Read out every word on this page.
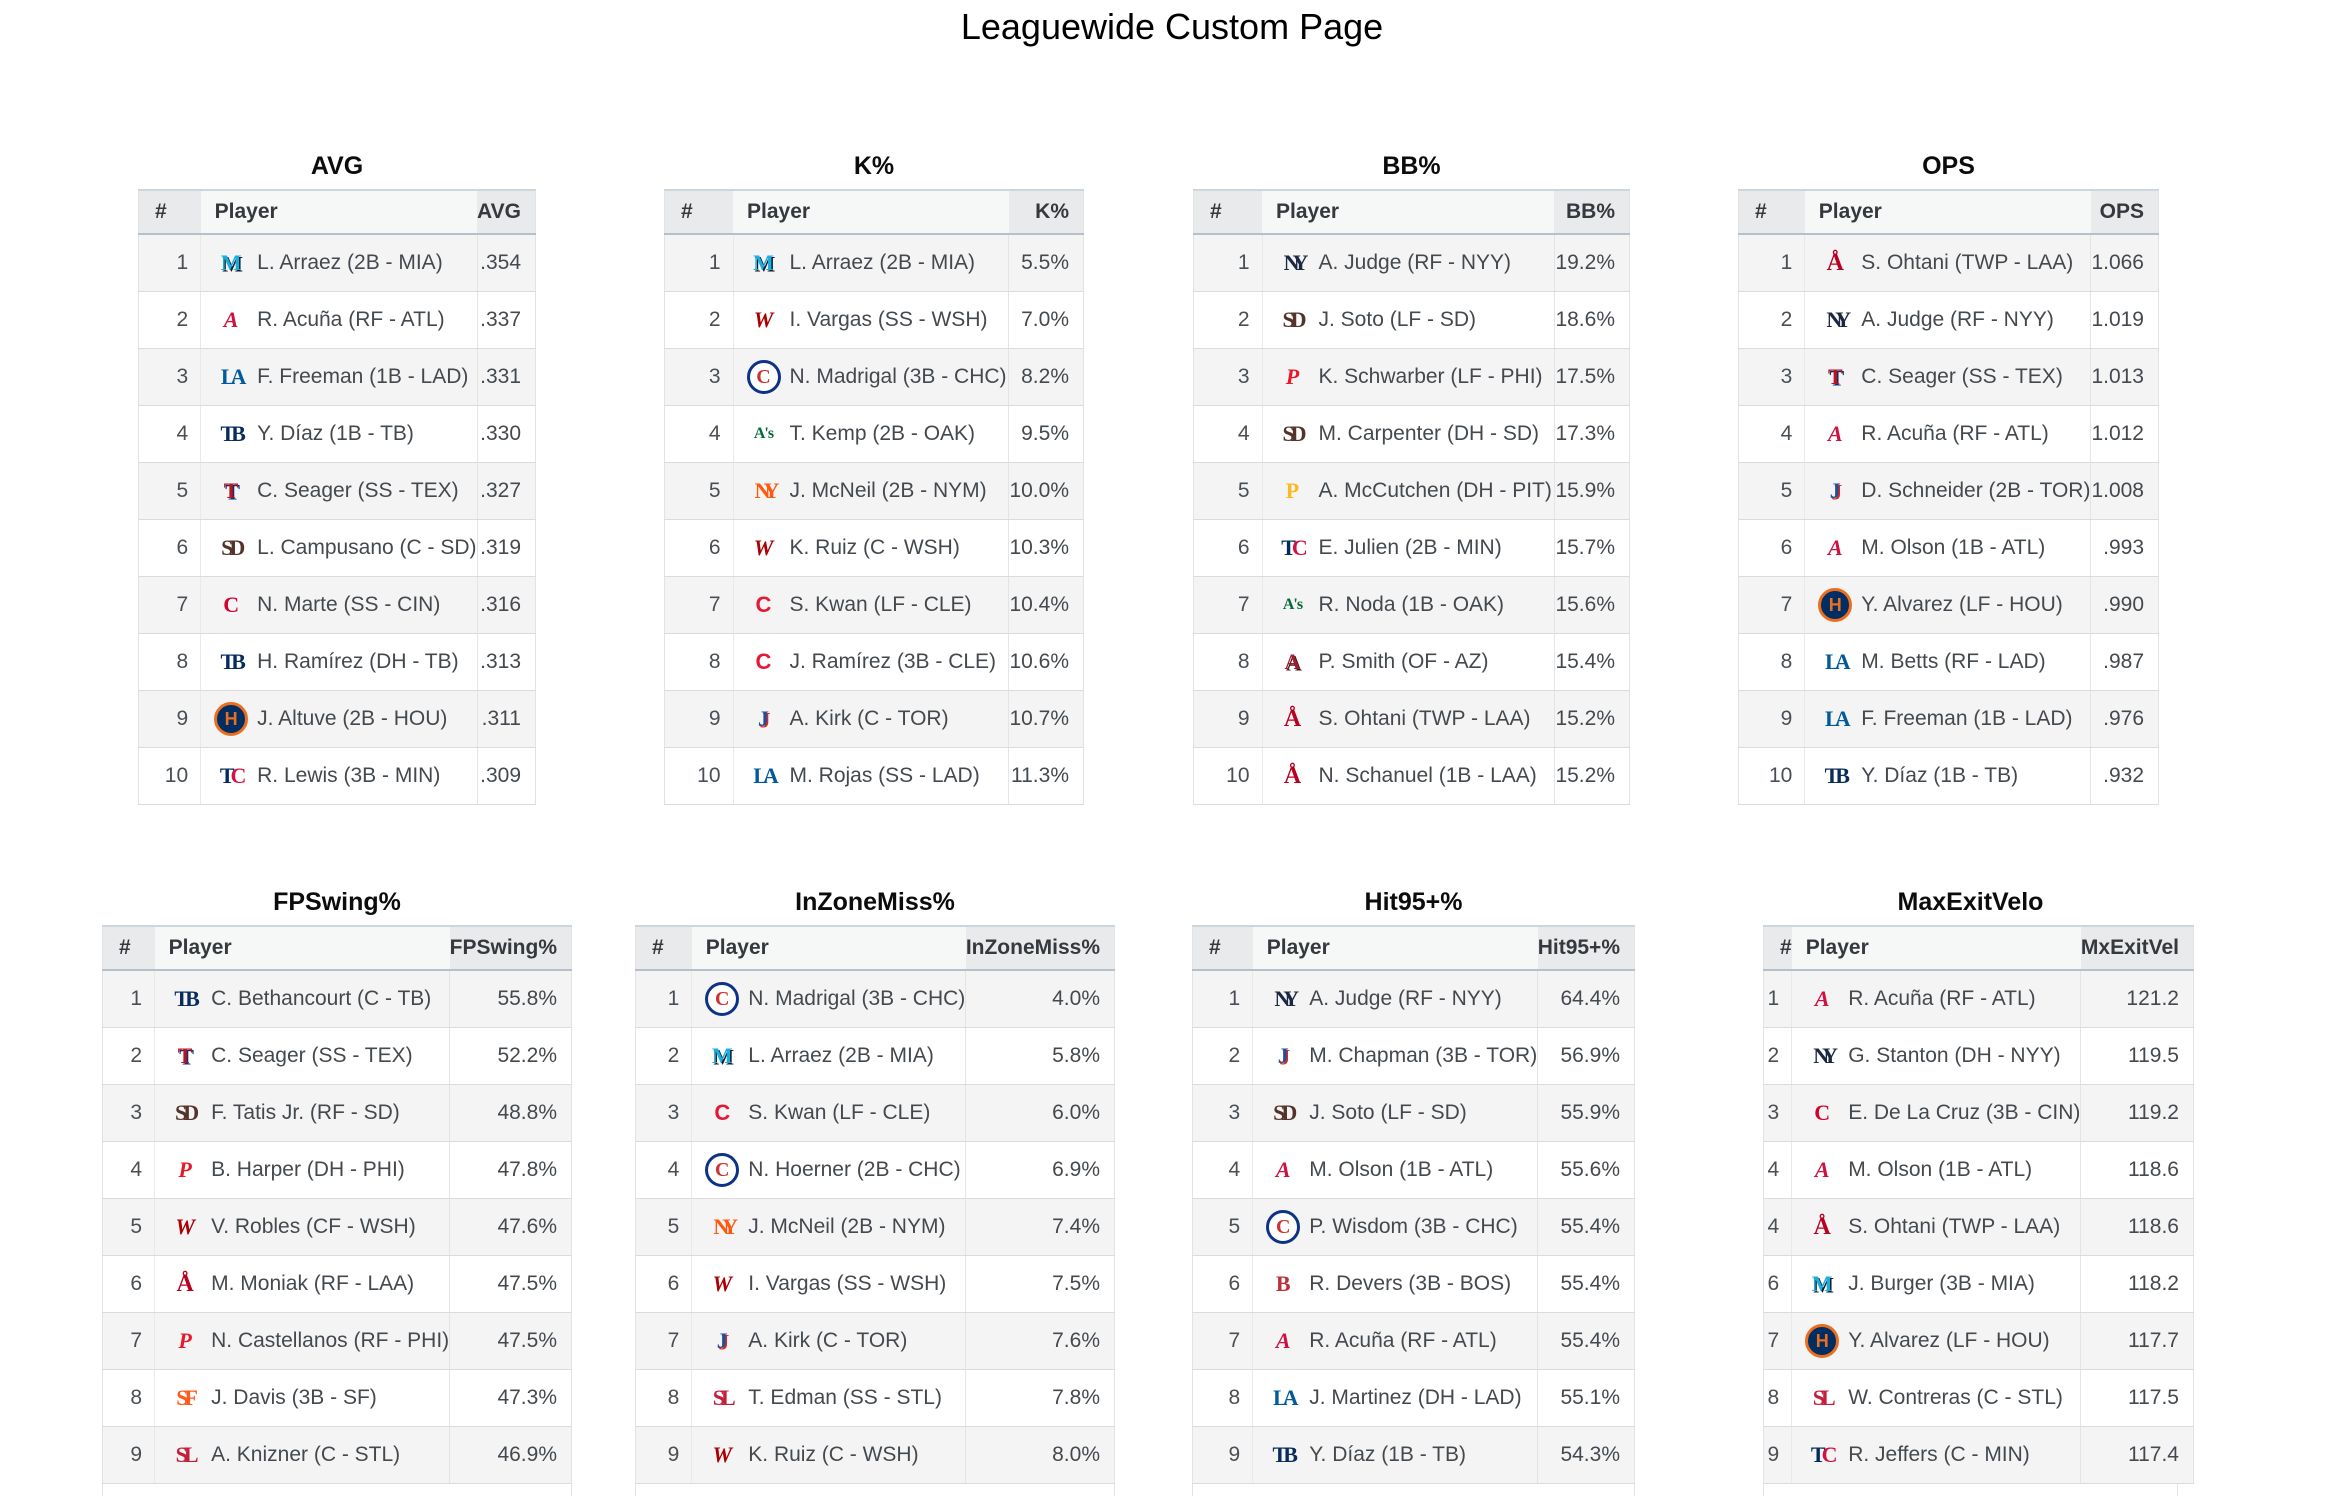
Leaguewide Custom Page
AVG
#	Player	AVG
1	M L. Arraez (2B - MIA)	.354
2	A R. Acuña (RF - ATL)	.337
3	LA F. Freeman (1B - LAD)	.331
4	TB Y. Díaz (1B - TB)	.330
5	T C. Seager (SS - TEX)	.327
6	SD L. Campusano (C - SD)	.319
7	C N. Marte (SS - CIN)	.316
8	TB H. Ramírez (DH - TB)	.313
9	H J. Altuve (2B - HOU)	.311
10	T C R. Lewis (3B - MIN)	.309
K%
#	Player	K%
1	M L. Arraez (2B - MIA)	5.5%
2	W I. Vargas (SS - WSH)	7.0%
3	C N. Madrigal (3B - CHC)	8.2%
4	A's T. Kemp (2B - OAK)	9.5%
5	NY J. McNeil (2B - NYM)	10.0%
6	W K. Ruiz (C - WSH)	10.3%
7	C S. Kwan (LF - CLE)	10.4%
8	C J. Ramírez (3B - CLE)	10.6%
9	J A. Kirk (C - TOR)	10.7%
10	LA M. Rojas (SS - LAD)	11.3%
BB%
#	Player	BB%
1	NY A. Judge (RF - NYY)	19.2%
2	SD J. Soto (LF - SD)	18.6%
3	P K. Schwarber (LF - PHI)	17.5%
4	SD M. Carpenter (DH - SD)	17.3%
5	P A. McCutchen (DH - PIT)	15.9%
6	T C E. Julien (2B - MIN)	15.7%
7	A's R. Noda (1B - OAK)	15.6%
8	A P. Smith (OF - AZ)	15.4%
9	Å S. Ohtani (TWP - LAA)	15.2%
10	Å N. Schanuel (1B - LAA)	15.2%
OPS
#	Player	OPS
1	Å S. Ohtani (TWP - LAA)	1.066
2	NY A. Judge (RF - NYY)	1.019
3	T C. Seager (SS - TEX)	1.013
4	A R. Acuña (RF - ATL)	1.012
5	J D. Schneider (2B - TOR)	1.008
6	A M. Olson (1B - ATL)	.993
7	H Y. Alvarez (LF - HOU)	.990
8	LA M. Betts (RF - LAD)	.987
9	LA F. Freeman (1B - LAD)	.976
10	TB Y. Díaz (1B - TB)	.932
FPSwing%
#	Player	FPSwing%
1	TB C. Bethancourt (C - TB)	55.8%
2	T C. Seager (SS - TEX)	52.2%
3	SD F. Tatis Jr. (RF - SD)	48.8%
4	P B. Harper (DH - PHI)	47.8%
5	W V. Robles (CF - WSH)	47.6%
6	Å M. Moniak (RF - LAA)	47.5%
7	P N. Castellanos (RF - PHI)	47.5%
8	SF J. Davis (3B - SF)	47.3%
9	SL A. Knizner (C - STL)	46.9%
InZoneMiss%
#	Player	InZoneMiss%
1	C N. Madrigal (3B - CHC)	4.0%
2	M L. Arraez (2B - MIA)	5.8%
3	C S. Kwan (LF - CLE)	6.0%
4	C N. Hoerner (2B - CHC)	6.9%
5	NY J. McNeil (2B - NYM)	7.4%
6	W I. Vargas (SS - WSH)	7.5%
7	J A. Kirk (C - TOR)	7.6%
8	SL T. Edman (SS - STL)	7.8%
9	W K. Ruiz (C - WSH)	8.0%
Hit95+%
#	Player	Hit95+%
1	NY A. Judge (RF - NYY)	64.4%
2	J M. Chapman (3B - TOR)	56.9%
3	SD J. Soto (LF - SD)	55.9%
4	A M. Olson (1B - ATL)	55.6%
5	C P. Wisdom (3B - CHC)	55.4%
6	B R. Devers (3B - BOS)	55.4%
7	A R. Acuña (RF - ATL)	55.4%
8	LA J. Martinez (DH - LAD)	55.1%
9	TB Y. Díaz (1B - TB)	54.3%
MaxExitVelo
#	Player	MxExitVel
1	A R. Acuña (RF - ATL)	121.2
2	NY G. Stanton (DH - NYY)	119.5
3	C E. De La Cruz (3B - CIN)	119.2
4	A M. Olson (1B - ATL)	118.6
4	Å S. Ohtani (TWP - LAA)	118.6
6	M J. Burger (3B - MIA)	118.2
7	H Y. Alvarez (LF - HOU)	117.7
8	SL W. Contreras (C - STL)	117.5
9	T C R. Jeffers (C - MIN)	117.4
